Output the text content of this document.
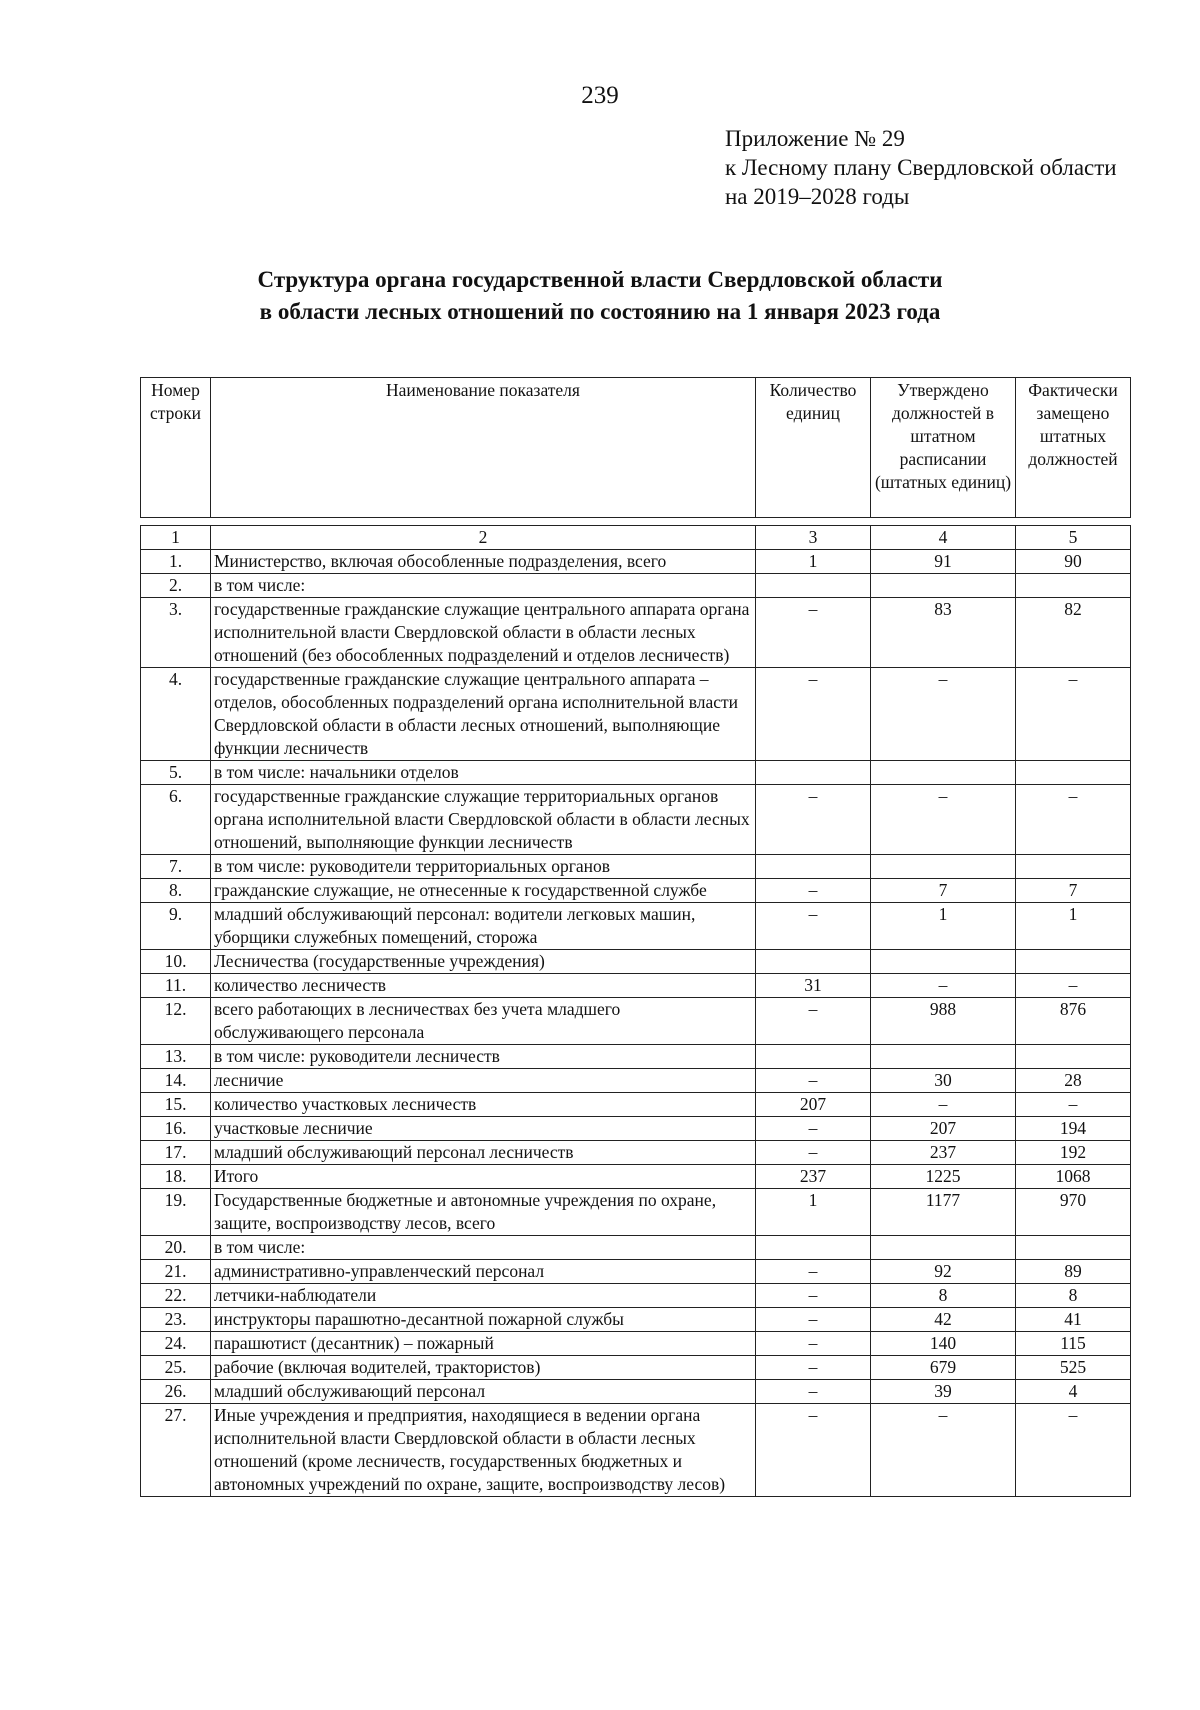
239
Приложение № 29
к Лесному плану Свердловской области
на 2019–2028 годы
Структура органа государственной власти Свердловской области
в области лесных отношений по состоянию на 1 января 2023 года
Номер строки	Наименование показателя	Количество единиц	Утверждено должностей в штатном расписании (штатных единиц)	Фактически замещено штатных должностей
1	2	3	4	5
1.	Министерство, включая обособленные подразделения, всего	1	91	90
2.	в том числе:			
3.	государственные гражданские служащие центрального аппарата органа исполнительной власти Свердловской области в области лесных отношений (без обособленных подразделений и отделов лесничеств)	–	83	82
4.	государственные гражданские служащие центрального аппарата – отделов, обособленных подразделений органа исполнительной власти Свердловской области в области лесных отношений, выполняющие функции лесничеств	–	–	–
5.	в том числе: начальники отделов			
6.	государственные гражданские служащие территориальных органов органа исполнительной власти Свердловской области в области лесных отношений, выполняющие функции лесничеств	–	–	–
7.	в том числе: руководители территориальных органов			
8.	гражданские служащие, не отнесенные к государственной службе	–	7	7
9.	младший обслуживающий персонал: водители легковых машин, уборщики служебных помещений, сторожа	–	1	1
10.	Лесничества (государственные учреждения)			
11.	количество лесничеств	31	–	–
12.	всего работающих в лесничествах без учета младшего обслуживающего персонала	–	988	876
13.	в том числе: руководители лесничеств			
14.	лесничие	–	30	28
15.	количество участковых лесничеств	207	–	–
16.	участковые лесничие	–	207	194
17.	младший обслуживающий персонал лесничеств	–	237	192
18.	Итого	237	1225	1068
19.	Государственные бюджетные и автономные учреждения по охране, защите, воспроизводству лесов, всего	1	1177	970
20.	в том числе:			
21.	административно-управленческий персонал	–	92	89
22.	летчики-наблюдатели	–	8	8
23.	инструкторы парашютно-десантной пожарной службы	–	42	41
24.	парашютист (десантник) – пожарный	–	140	115
25.	рабочие (включая водителей, трактористов)	–	679	525
26.	младший обслуживающий персонал	–	39	4
27.	Иные учреждения и предприятия, находящиеся в ведении органа исполнительной власти Свердловской области в области лесных отношений (кроме лесничеств, государственных бюджетных и автономных учреждений по охране, защите, воспроизводству лесов)	–	–	–
